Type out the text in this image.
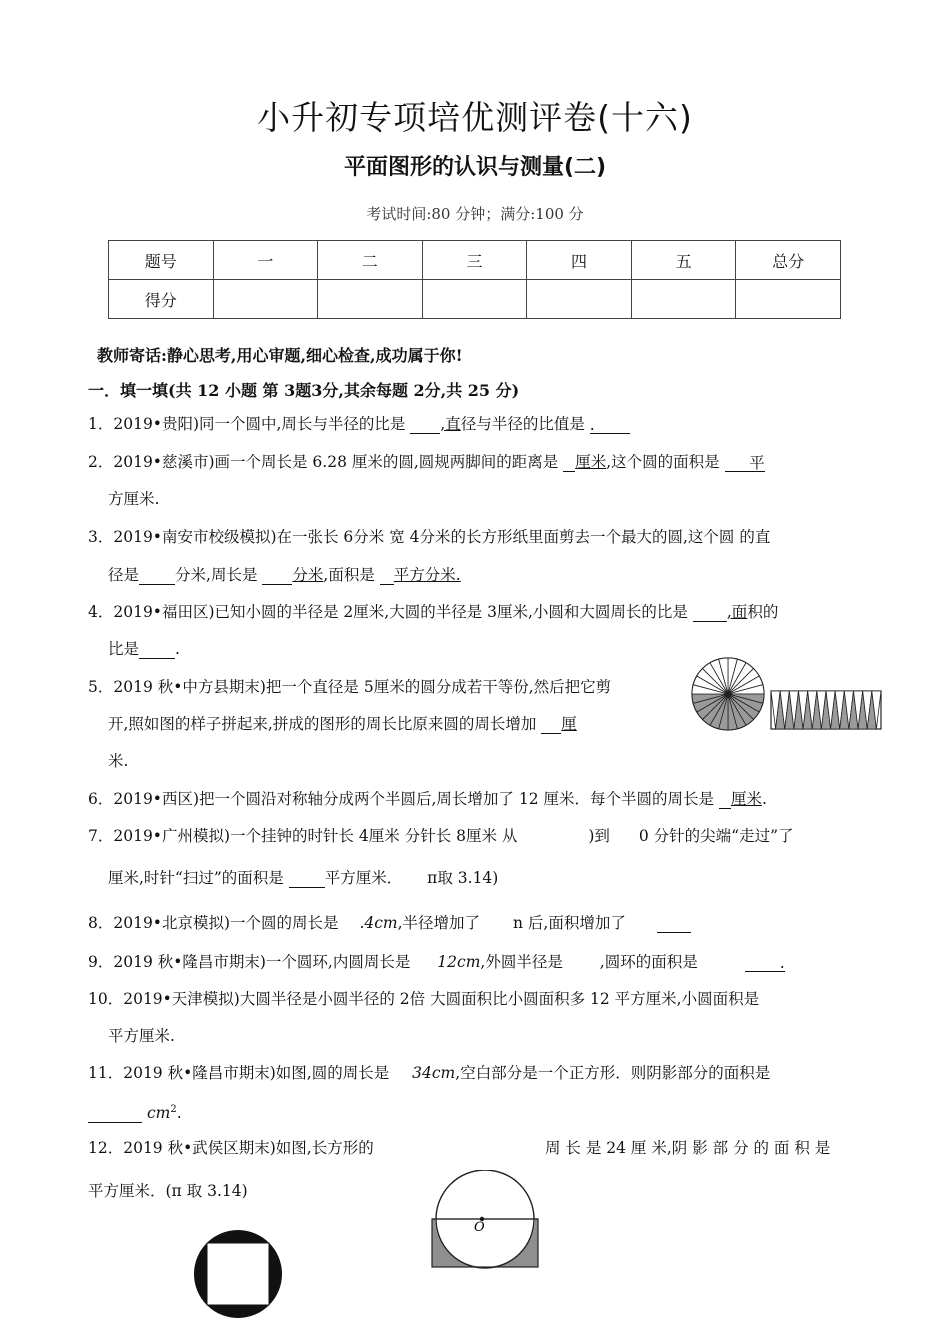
小升初专项培优测评卷(十六)
平面图形的认识与测量(二)
考试时间:80 分钟；满分:100 分
题号	一	二	三	四	五	总分
得分						
教师寄话:静心思考,用心审题,细心检查,成功属于你!
一．填一填(共 12 小题 第 3题3分,其余每题 2分,共 25 分)
1．2019•贵阳)同一个圆中,周长与半径的比是 ,直径与半径的比值是 .
2．2019•慈溪市)画一个周长是 6.28 厘米的圆,圆规两脚间的距离是 厘米,这个圆的面积是 平
方厘米.
3．2019•南安市校级模拟)在一张长 6分米 宽 4分米的长方形纸里面剪去一个最大的圆,这个圆 的直
径是 分米,周长是 分米,面积是 平方分米.
4．2019•福田区)已知小圆的半径是 2厘米,大圆的半径是 3厘米,小圆和大圆周长的比是	,面积的
比是 .
5．2019 秋•中方县期末)把一个直径是 5厘米的圆分成若干等份,然后把它剪
开,照如图的样子拼起来,拼成的图形的周长比原来圆的周长增加 厘
米.
6．2019•西区)把一个圆沿对称轴分成两个半圆后,周长增加了 12 厘米．每个半圆的周长是 厘米.
7．2019•广州模拟)一个挂钟的时针长 4厘米 分针长 8厘米 从	)到 0 分针的尖端“走过”了
厘米,时针“扫过”的面积是	平方厘米． π取 3.14)
8．2019•北京模拟)一个圆的周长是 .4cm,半径增加了 n 后,面积增加了
9．2019 秋•隆昌市期末)一个圆环,内圆周长是 12cm,外圆半径是 ,圆环的面积是	.
10．2019•天津模拟)大圆半径是小圆半径的 2倍 大圆面积比小圆面积多 12 平方厘米,小圆面积是
平方厘米.
11．2019 秋•隆昌市期末)如图,圆的周长是 34cm,空白部分是一个正方形．则阴影部分的面积是
$cm^2$.
12．2019 秋•武侯区期末)如图,长方形的	周 长 是 24 厘 米,阴 影 部 分 的 面 积 是
平方厘米．(π 取 3.14)
O
